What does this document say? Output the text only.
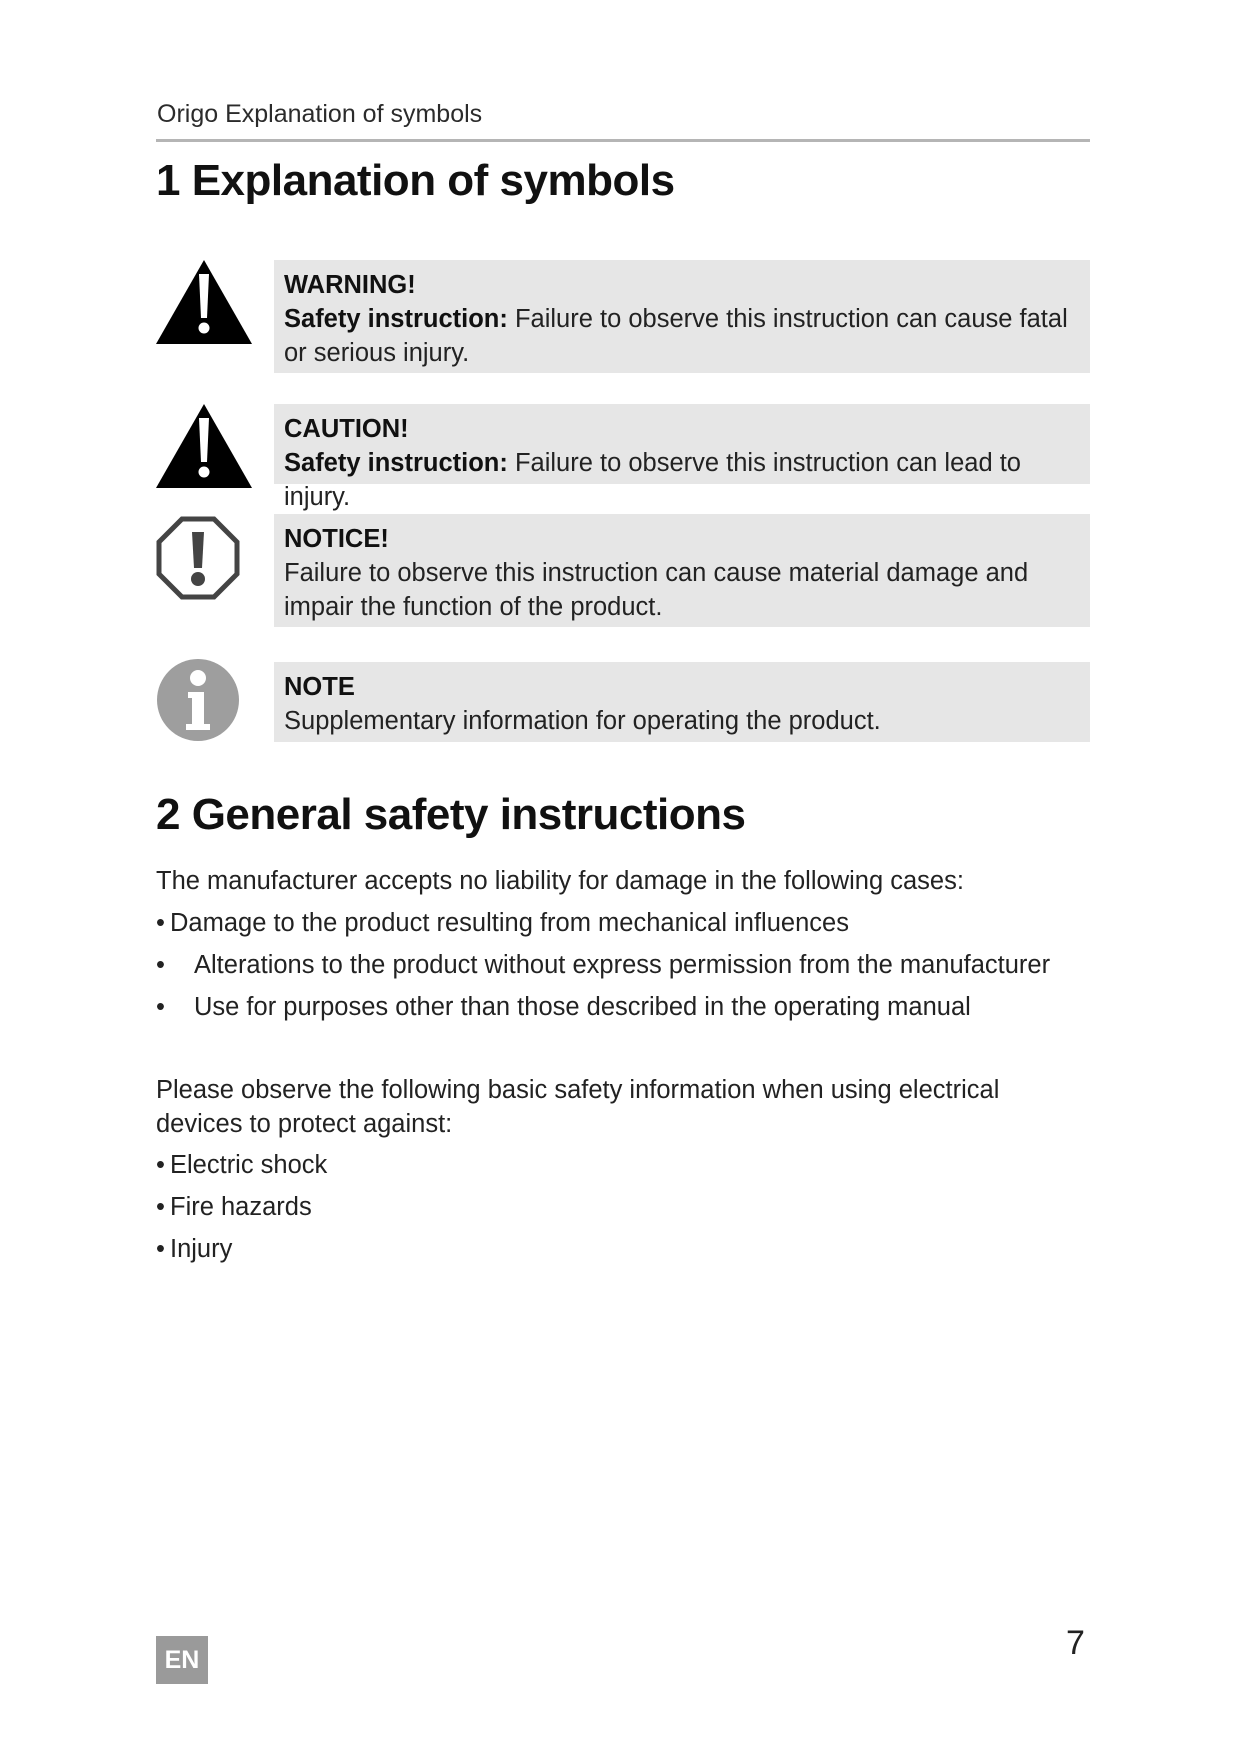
Origo Explanation of symbols
1 Explanation of symbols
WARNING!
Safety instruction: Failure to observe this instruction can cause fatal or serious injury.
CAUTION!
Safety instruction: Failure to observe this instruction can lead to injury.
NOTICE!
Failure to observe this instruction can cause material damage and impair the function of the product.
NOTE
Supplementary information for operating the product.
2 General safety instructions
The manufacturer accepts no liability for damage in the following cases:
• Damage to the product resulting from mechanical influences
• Alterations to the product without express permission from the manufacturer
• Use for purposes other than those described in the operating manual
Please observe the following basic safety information when using electrical devices to protect against:
• Electric shock
• Fire hazards
• Injury
EN	7
